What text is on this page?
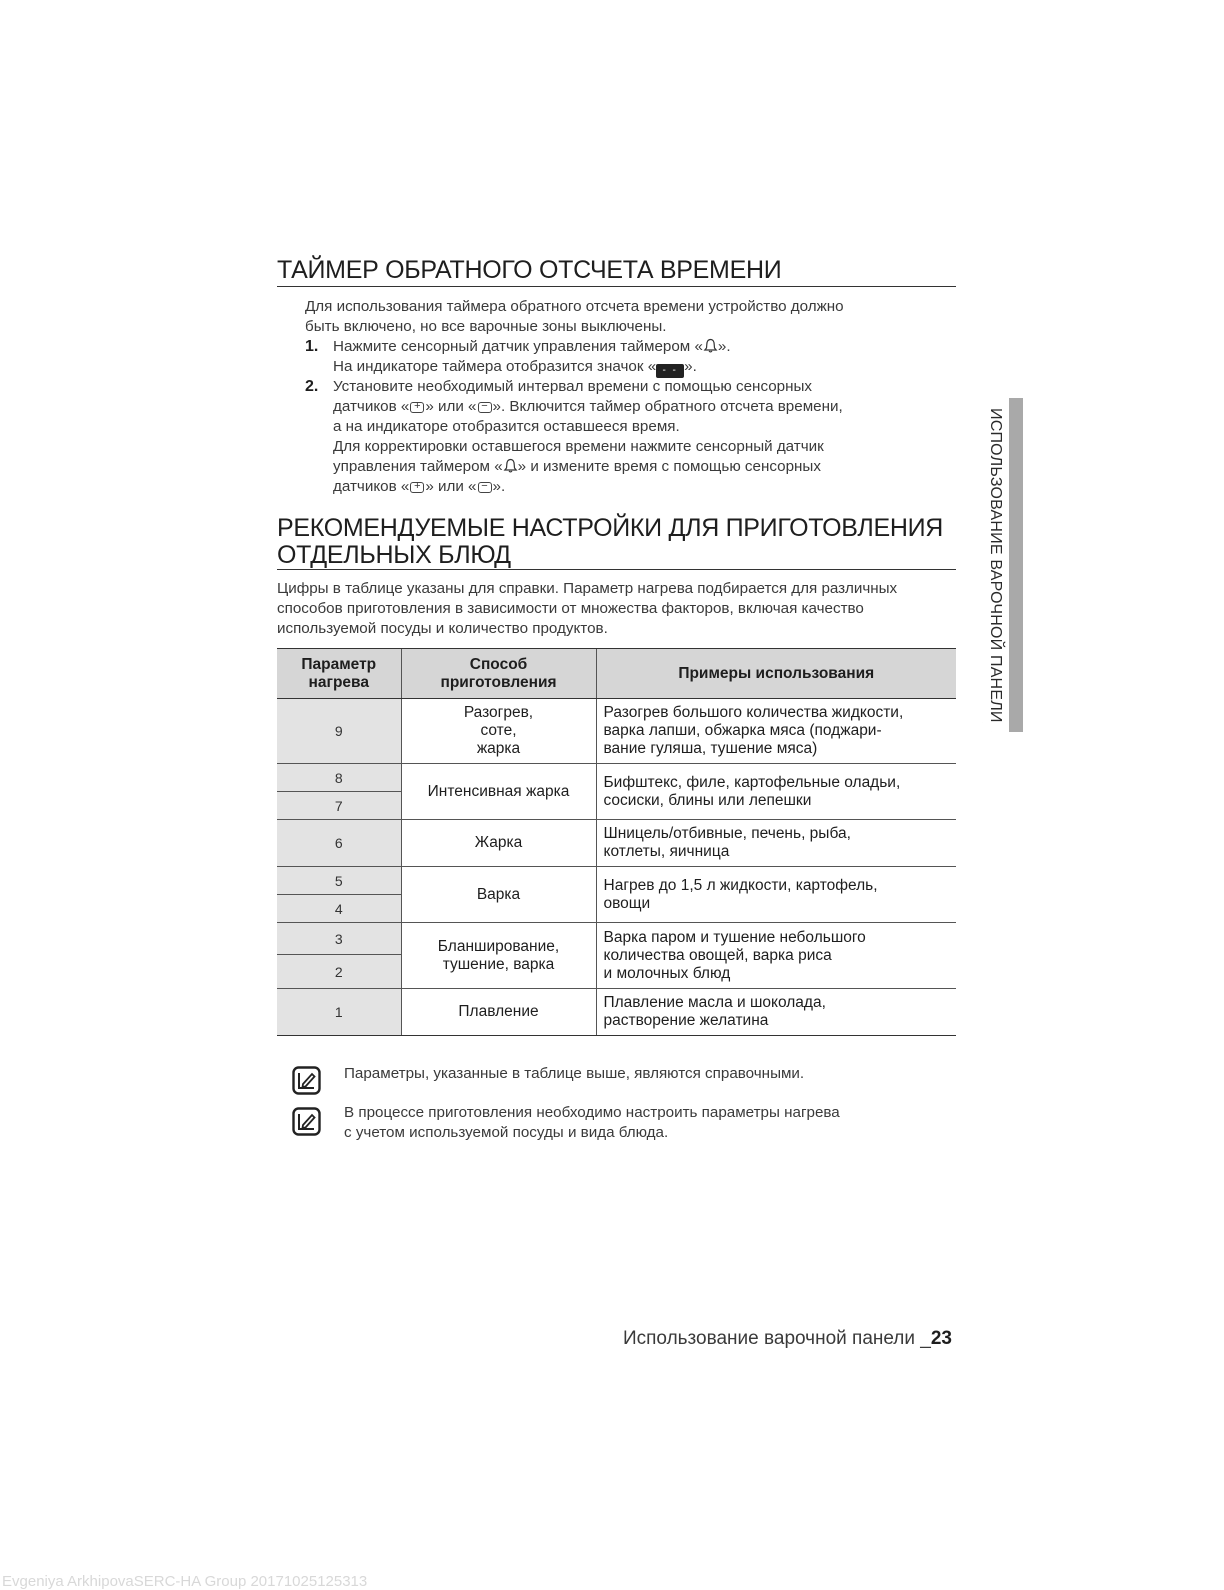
ТАЙМЕР ОБРАТНОГО ОТСЧЕТА ВРЕМЕНИ
Для использования таймера обратного отсчета времени устройство должно
быть включено, но все варочные зоны выключены.
1. Нажмите сенсорный датчик управления таймером « ».
На индикаторе таймера отобразится значок « - - ».
2. Установите необходимый интервал времени с помощью сенсорных
датчиков « + » или « − ». Включится таймер обратного отсчета времени,
а на индикаторе отобразится оставшееся время.
Для корректировки оставшегося времени нажмите сенсорный датчик
управления таймером « » и измените время с помощью сенсорных
датчиков « + » или « − ».
РЕКОМЕНДУЕМЫЕ НАСТРОЙКИ ДЛЯ ПРИГОТОВЛЕНИЯ
ОТДЕЛЬНЫХ БЛЮД
Цифры в таблице указаны для справки. Параметр нагрева подбирается для различных
способов приготовления в зависимости от множества факторов, включая качество
используемой посуды и количество продуктов.
Параметр
нагрева	Способ
приготовления	Примеры использования
9	Разогрев,
соте,
жарка	Разогрев большого количества жидкости,
варка лапши, обжарка мяса (поджари-
вание гуляша, тушение мяса)

8	Интенсивная жарка	Бифштекс, филе, картофельные оладьи,
сосиски, блины или лепешки

7		
6	Жарка	Шницель/отбивные, печень, рыба,
котлеты, яичница

5	Варка	Нагрев до 1,5 л жидкости, картофель,
овощи

4		
3	Бланширование,
тушение, варка	Варка паром и тушение небольшого
количества овощей, варка риса
и молочных блюд

2		
1	Плавление	Плавление масла и шоколада,
растворение желатина
Параметры, указанные в таблице выше, являются справочными.
В процессе приготовления необходимо настроить параметры нагрева
с учетом используемой посуды и вида блюда.
ИСПОЛЬЗОВАНИЕ ВАРОЧНОЙ ПАНЕЛИ
Использование варочной панели _23
Evgeniya ArkhipovaSERC-HA Group 20171025125313
